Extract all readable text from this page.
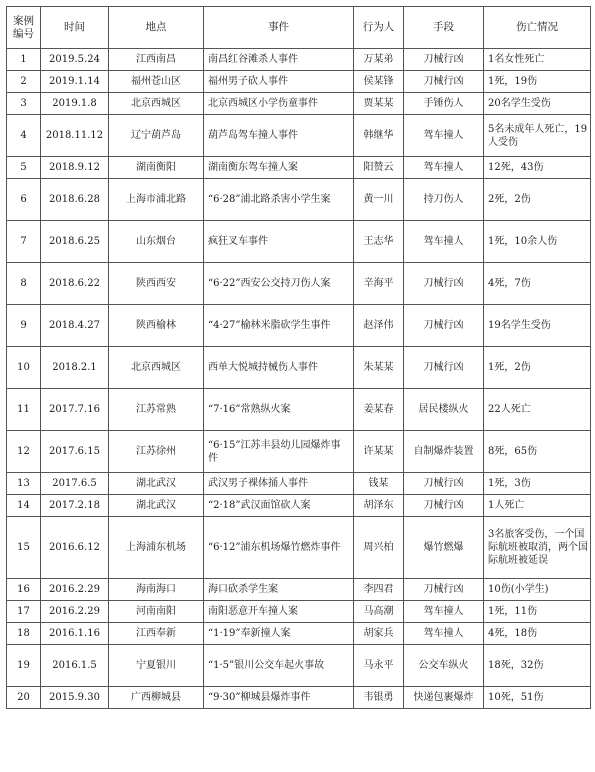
案例编号	时间	地点	事件	行为人	手段	伤亡情况
1	2019.5.24	江西南昌	南昌红谷滩杀人事件	万某弟	刀械行凶	1名女性死亡
2	2019.1.14	福州苍山区	福州男子砍人事件	侯某锋	刀械行凶	1死，19伤
3	2019.1.8	北京西城区	北京西城区小学伤童事件	贾某某	手锤伤人	20名学生受伤
4	2018.11.12	辽宁葫芦岛	葫芦岛驾车撞人事件	韩继华	驾车撞人	5名未成年人死亡，19人受伤
5	2018.9.12	湖南衡阳	湖南衡东驾车撞人案	阳赞云	驾车撞人	12死，43伤
6	2018.6.28	上海市浦北路	“6·28”浦北路杀害小学生案	黄一川	持刀伤人	2死，2伤
7	2018.6.25	山东烟台	疯狂叉车事件	王志华	驾车撞人	1死，10余人伤
8	2018.6.22	陕西西安	“6·22”西安公交持刀伤人案	辛海平	刀械行凶	4死，7伤
9	2018.4.27	陕西榆林	“4·27”榆林米脂砍学生事件	赵泽伟	刀械行凶	19名学生受伤
10	2018.2.1	北京西城区	西单大悦城持械伤人事件	朱某某	刀械行凶	1死，2伤
11	2017.7.16	江苏常熟	“7·16”常熟纵火案	姜某春	居民楼纵火	22人死亡
12	2017.6.15	江苏徐州	“6·15”江苏丰县幼儿园爆炸事件	许某某	自制爆炸装置	8死，65伤
13	2017.6.5	湖北武汉	武汉男子裸体捅人事件	钱某	刀械行凶	1死，3伤
14	2017.2.18	湖北武汉	“2·18”武汉面馆砍人案	胡泽东	刀械行凶	1人死亡
15	2016.6.12	上海浦东机场	“6·12”浦东机场爆竹燃炸事件	周兴柏	爆竹燃爆	3名旅客受伤，一个国际航班被取消，两个国际航班被延误
16	2016.2.29	海南海口	海口砍杀学生案	李四君	刀械行凶	10伤(小学生)
17	2016.2.29	河南南阳	南阳恶意开车撞人案	马高潮	驾车撞人	1死，11伤
18	2016.1.16	江西奉新	“1·19”奉新撞人案	胡家兵	驾车撞人	4死，18伤
19	2016.1.5	宁夏银川	“1·5”银川公交车起火事故	马永平	公交车纵火	18死，32伤
20	2015.9.30	广西柳城县	“9·30”柳城县爆炸事件	韦银勇	快递包裹爆炸	10死，51伤
